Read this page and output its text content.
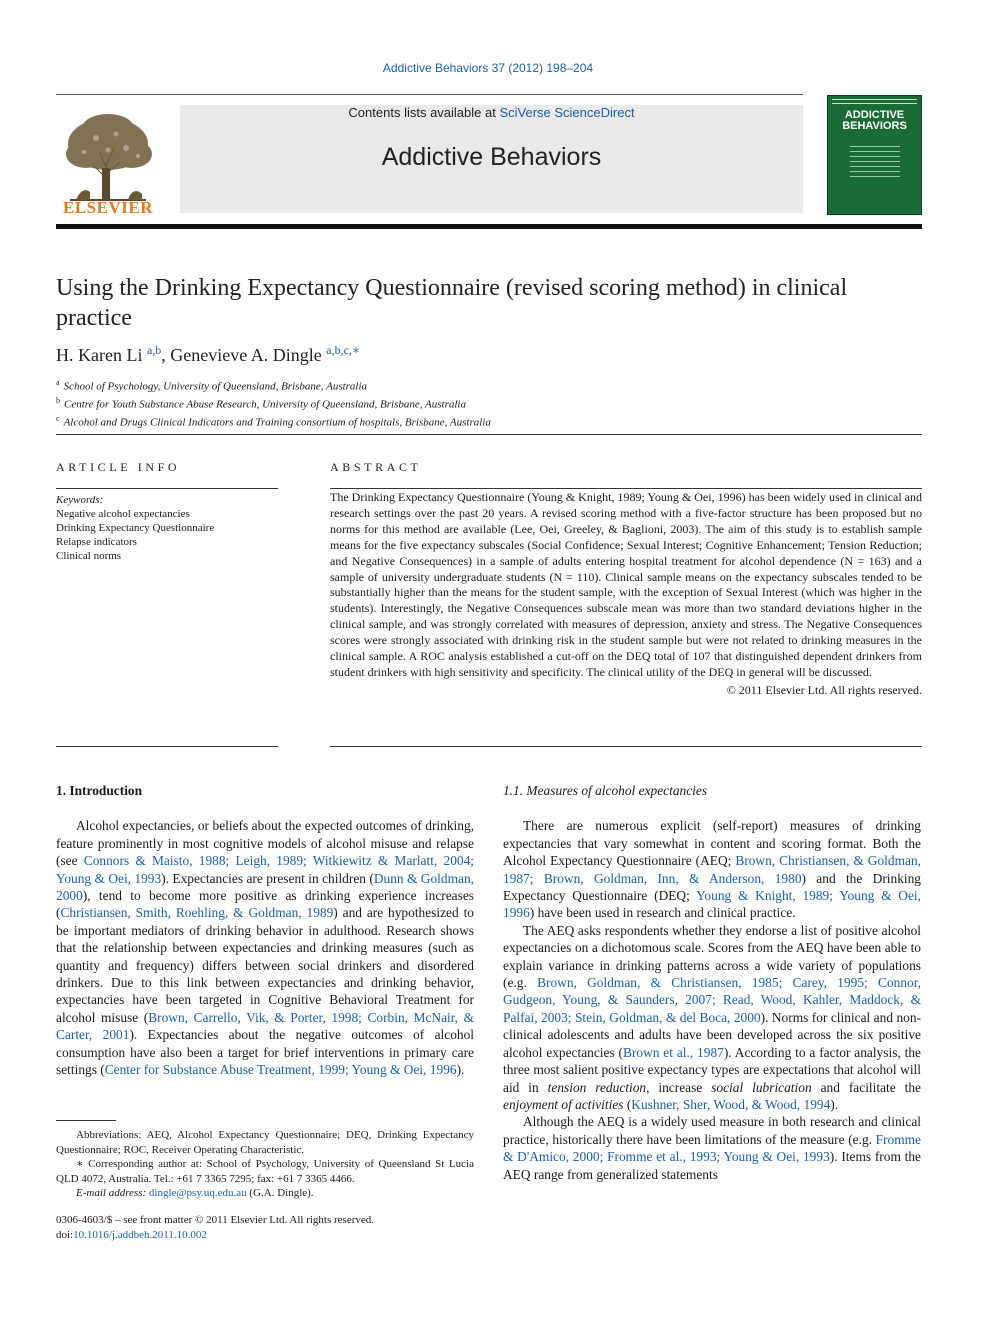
Addictive Behaviors 37 (2012) 198–204
ELSEVIER
Contents lists available at SciVerse ScienceDirect
Addictive Behaviors
ADDICTIVE
BEHAVIORS
Using the Drinking Expectancy Questionnaire (revised scoring method) in clinical practice
H. Karen Li $^{a,b}$, Genevieve A. Dingle $^{a,b,c,∗}$
$^a$ School of Psychology, University of Queensland, Brisbane, Australia
$^b$ Centre for Youth Substance Abuse Research, University of Queensland, Brisbane, Australia
$^c$ Alcohol and Drugs Clinical Indicators and Training consortium of hospitals, Brisbane, Australia
ARTICLE INFO
Keywords:
Negative alcohol expectancies
Drinking Expectancy Questionnaire
Relapse indicators
Clinical norms
ABSTRACT
The Drinking Expectancy Questionnaire (Young & Knight, 1989; Young & Oei, 1996) has been widely used in clinical and research settings over the past 20 years. A revised scoring method with a five-factor structure has been proposed but no norms for this method are available (Lee, Oei, Greeley, & Baglioni, 2003). The aim of this study is to establish sample means for the five expectancy subscales (Social Confidence; Sexual Interest; Cognitive Enhancement; Tension Reduction; and Negative Consequences) in a sample of adults entering hospital treatment for alcohol dependence (N = 163) and a sample of university undergraduate students (N = 110). Clinical sample means on the expectancy subscales tended to be substantially higher than the means for the student sample, with the exception of Sexual Interest (which was higher in the students). Interestingly, the Negative Consequences subscale mean was more than two standard deviations higher in the clinical sample, and was strongly correlated with measures of depression, anxiety and stress. The Negative Consequences scores were strongly associated with drinking risk in the student sample but were not related to drinking measures in the clinical sample. A ROC analysis established a cut-off on the DEQ total of 107 that distinguished dependent drinkers from student drinkers with high sensitivity and specificity. The clinical utility of the DEQ in general will be discussed.
© 2011 Elsevier Ltd. All rights reserved.
1. Introduction

Alcohol expectancies, or beliefs about the expected outcomes of drinking, feature prominently in most cognitive models of alcohol misuse and relapse (see Connors & Maisto, 1988; Leigh, 1989; Witkiewitz & Marlatt, 2004; Young & Oei, 1993). Expectancies are present in children (Dunn & Goldman, 2000), tend to become more positive as drinking experience increases (Christiansen, Smith, Roehling, & Goldman, 1989) and are hypothesized to be important mediators of drinking behavior in adulthood. Research shows that the relationship between expectancies and drinking measures (such as quantity and frequency) differs between social drinkers and disordered drinkers. Due to this link between expectancies and drinking behavior, expectancies have been targeted in Cognitive Behavioral Treatment for alcohol misuse (Brown, Carrello, Vik, & Porter, 1998; Corbin, McNair, & Carter, 2001). Expectancies about the negative outcomes of alcohol consumption have also been a target for brief interventions in primary care settings (Center for Substance Abuse Treatment, 1999; Young & Oei, 1996).

1.1. Measures of alcohol expectancies

There are numerous explicit (self-report) measures of drinking expectancies that vary somewhat in content and scoring format. Both the Alcohol Expectancy Questionnaire (AEQ; Brown, Christiansen, & Goldman, 1987; Brown, Goldman, Inn, & Anderson, 1980) and the Drinking Expectancy Questionnaire (DEQ; Young & Knight, 1989; Young & Oei, 1996) have been used in research and clinical practice.

The AEQ asks respondents whether they endorse a list of positive alcohol expectancies on a dichotomous scale. Scores from the AEQ have been able to explain variance in drinking patterns across a wide variety of populations (e.g. Brown, Goldman, & Christiansen, 1985; Carey, 1995; Connor, Gudgeon, Young, & Saunders, 2007; Read, Wood, Kahler, Maddock, & Palfai, 2003; Stein, Goldman, & del Boca, 2000). Norms for clinical and non-clinical adolescents and adults have been developed across the six positive alcohol expectancies (Brown et al., 1987). According to a factor analysis, the three most salient positive expectancy types are expectations that alcohol will aid in tension reduction, increase social lubrication and facilitate the enjoyment of activities (Kushner, Sher, Wood, & Wood, 1994).

Although the AEQ is a widely used measure in both research and clinical practice, historically there have been limitations of the measure (e.g. Fromme & D'Amico, 2000; Fromme et al., 1993; Young & Oei, 1993). Items from the AEQ range from generalized statements

Abbreviations: AEQ, Alcohol Expectancy Questionnaire; DEQ, Drinking Expectancy Questionnaire; ROC, Receiver Operating Characteristic.

∗ Corresponding author at: School of Psychology, University of Queensland St Lucia QLD 4072, Australia. Tel.: +61 7 3365 7295; fax: +61 7 3365 4466.

E-mail address: dingle@psy.uq.edu.au (G.A. Dingle).

0306-4603/$ – see front matter © 2011 Elsevier Ltd. All rights reserved.
doi:10.1016/j.addbeh.2011.10.002
